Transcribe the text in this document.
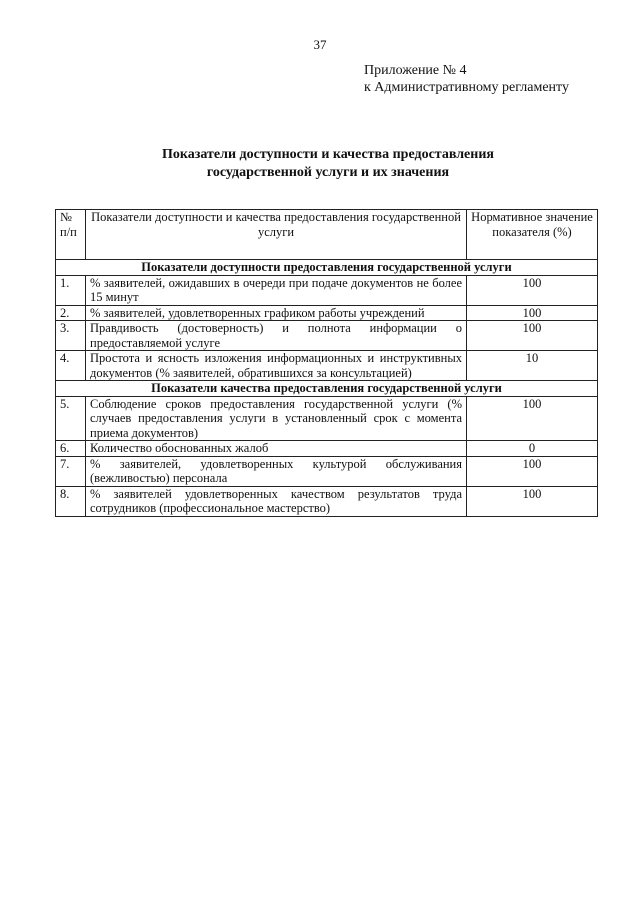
37
Приложение № 4
к Административному регламенту
Показатели доступности и качества предоставления
государственной услуги и их значения
№ п/п	Показатели доступности и качества предоставления государственной услуги	Нормативное значение показателя (%)
Показатели доступности предоставления государственной услуги		
1.	% заявителей, ожидавших в очереди при подаче документов не более 15 минут	100
2.	% заявителей, удовлетворенных графиком работы учреждений	100
3.	Правдивость (достоверность) и полнота информации о предоставляемой услуге	100
4.	Простота и ясность изложения информационных и инструктивных документов (% заявителей, обратившихся за консультацией)	10
Показатели качества предоставления государственной услуги		
5.	Соблюдение сроков предоставления государственной услуги (% случаев предоставления услуги в установленный срок с момента приема документов)	100
6.	Количество обоснованных жалоб	0
7.	% заявителей, удовлетворенных культурой обслуживания (вежливостью) персонала	100
8.	% заявителей удовлетворенных качеством результатов труда сотрудников (профессиональное мастерство)	100
